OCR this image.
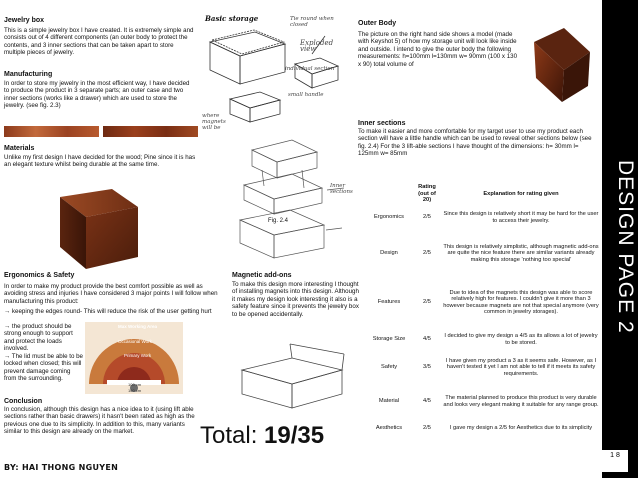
Jewelry box
This is a simple jewelry box I have created. It is extremely simple and consists out of 4 different components (an outer body to protect the contents, and 3 inner sections that can be taken apart to store multiple pieces of jewelry.
Manufacturing
In order to store my jewelry in the most efficient way, I have decided to produce the product in 3 separate parts; an outer case and two inner sections (works like a drawer) which are used to store the jewelry. (see fig. 2.3)
Materials
Unlike my first design I have decided for the wood; Pine since it is has an elegant texture whilst being durable at the same time.
Ergonomics & Safety
In order to make my product provide the best comfort possible as well as avoiding stress and injuries I have considered 3 major points I will follow when manufacturing this product:
→ keeping the edges round- This will reduce the risk of the user getting hurt
→ the product should be strong enough to support and protect the loads involved.
→ The lid must be able to be locked when closed; this will prevent damage coming from the surrounding.
Max Working Area
Occasional Work
Primary Work
100 cm
160 cm
Conclusion
In conclusion, although this design has a nice idea to it (using lift able sections rather than basic drawers) it hasn't been rated as high as the previous one due to its simplicity. In addition to this, many variants similar to this design are already on the market.
Basic storage	Tie round when closed
Exploded view
individual section
small handle
where magnets will be
Fig. 2.4
Inner sections
Magnetic add-ons
To make this design more interesting I thought of installing magnets into this design. Although it makes my design look interesting it also is a safety feature since it prevents the jewelry box to be opened accidentally.
Outer Body
The picture on the right hand side shows a model (made with Keyshot 5) of how my storage unit will look like inside and outside. I intend to give the outer body the following measurements: h=100mm l=130mm w= 90mm (100 x 130 x 90) total volume of
Inner sections
To make it easier and more comfortable for my target user to use my product each section will have a little handle which can be used to reveal other sections below (see fig. 2.4) For the 3 lift-able sections I have thought of the dimensions: h= 30mm l= 125mm w= 85mm
	Rating (out of 20)	Explanation for rating given
Ergonomics	2/5	Since this design is relatively short it may be hard for the user to access their jewelry.
Design	2/5	This design is relatively simplistic, although magnetic add-ons are quite the nice feature there are similar variants already making this storage ‘nothing too special’
Features	2/5	Due to idea of the magnets this design was able to score relatively high for features. I couldn't give it more than 3 however because magnets are not that special anymore (very common in jewelry storages).
Storage Size	4/5	I decided to give my design a 4/5 as its allows a lot of jewelry to be stored.
Safety	3/5	I have given my product a 3 as it seems safe. However, as I haven't tested it yet I am not able to tell if it meets its safety requirements.
Material	4/5	The material planned to produce this product is very durable and looks very elegant making it suitable for any range group.
Aesthetics	2/5	I gave my design a 2/5 for Aesthetics due to its simplicity
Total: 19/35
DESIGN PAGE 2
1 8
BY: HAI THONG NGUYEN
